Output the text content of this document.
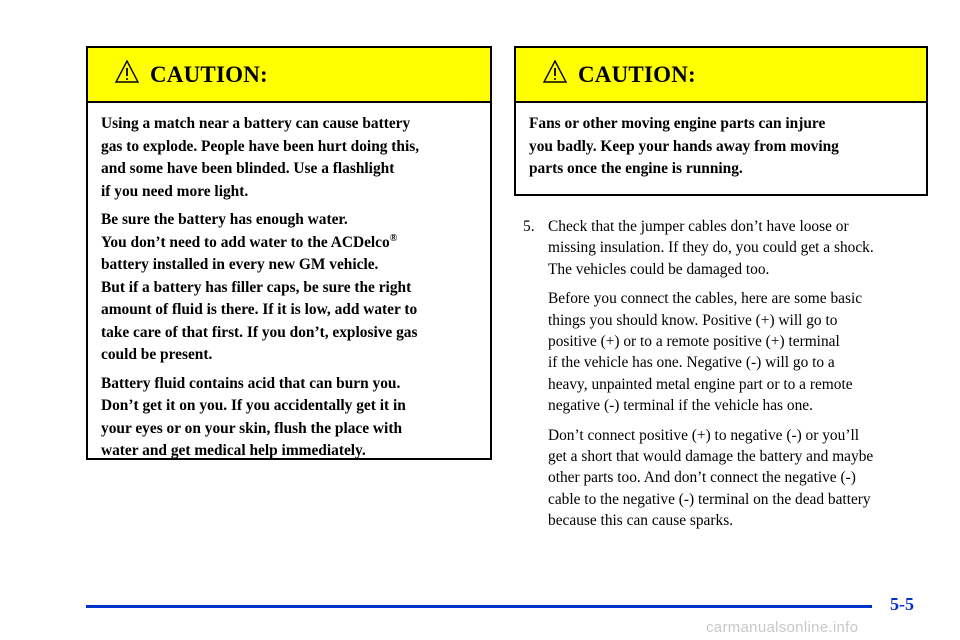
CAUTION:

Using a match near a battery can cause battery
gas to explode. People have been hurt doing this,
and some have been blinded. Use a flashlight
if you need more light.

Be sure the battery has enough water.
You don’t need to add water to the ACDelco®
battery installed in every new GM vehicle.
But if a battery has filler caps, be sure the right
amount of fluid is there. If it is low, add water to
take care of that first. If you don’t, explosive gas
could be present.

Battery fluid contains acid that can burn you.
Don’t get it on you. If you accidentally get it in
your eyes or on your skin, flush the place with
water and get medical help immediately.

CAUTION:

Fans or other moving engine parts can injure
you badly. Keep your hands away from moving
parts once the engine is running.

5. Check that the jumper cables don’t have loose or
missing insulation. If they do, you could get a shock.
The vehicles could be damaged too.

Before you connect the cables, here are some basic
things you should know. Positive (+) will go to
positive (+) or to a remote positive (+) terminal
if the vehicle has one. Negative (-) will go to a
heavy, unpainted metal engine part or to a remote
negative (-) terminal if the vehicle has one.

Don’t connect positive (+) to negative (-) or you’ll
get a short that would damage the battery and maybe
other parts too. And don’t connect the negative (-)
cable to the negative (-) terminal on the dead battery
because this can cause sparks.

5-5
carmanualsonline.info
